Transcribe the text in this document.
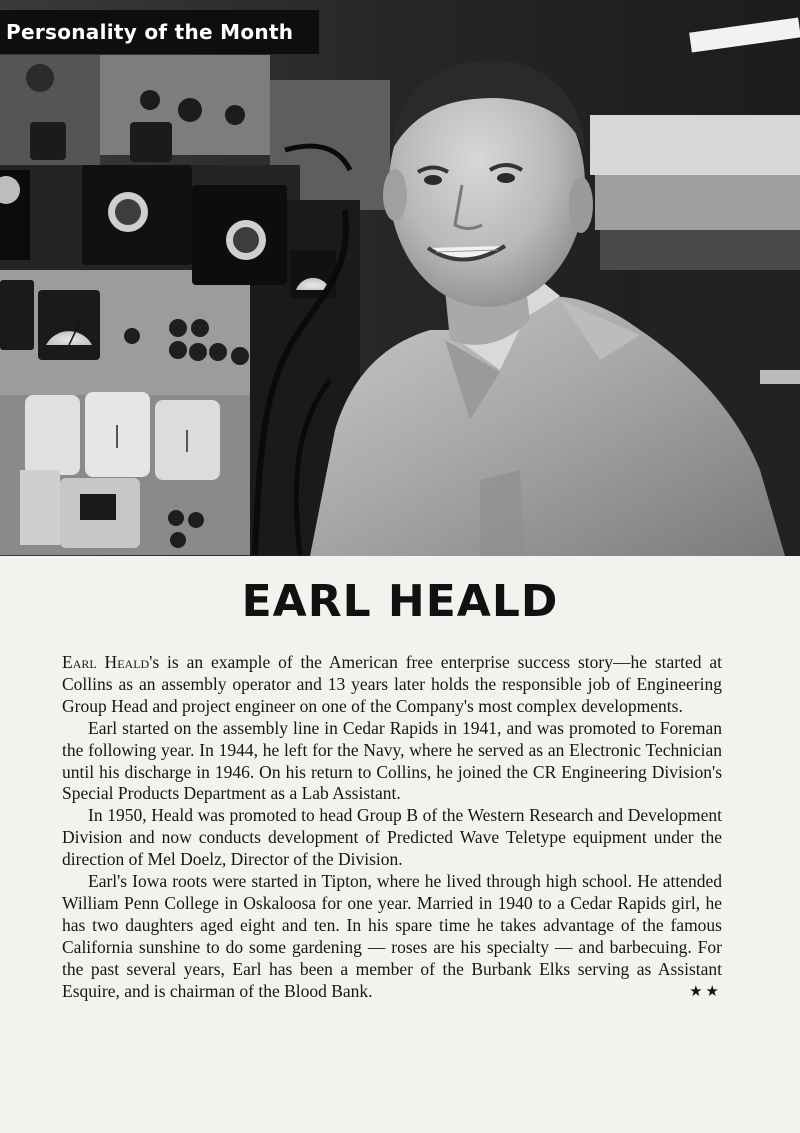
Personality of the Month
EARL HEALD

Earl Heald's is an example of the American free enterprise success story—he started at Collins as an assembly operator and 13 years later holds the responsible job of Engineering Group Head and project engineer on one of the Company's most complex developments.

Earl started on the assembly line in Cedar Rapids in 1941, and was promoted to Foreman the following year. In 1944, he left for the Navy, where he served as an Electronic Technician until his discharge in 1946. On his return to Collins, he joined the CR Engineering Division's Special Products Department as a Lab Assistant.

In 1950, Heald was promoted to head Group B of the Western Research and Development Division and now conducts development of Predicted Wave Teletype equipment under the direction of Mel Doelz, Director of the Division.

Earl's Iowa roots were started in Tipton, where he lived through high school. He attended William Penn College in Oskaloosa for one year. Married in 1940 to a Cedar Rapids girl, he has two daughters aged eight and ten. In his spare time he takes advantage of the famous California sunshine to do some gardening — roses are his specialty — and barbecuing. For the past several years, Earl has been a member of the Burbank Elks serving as Assistant Esquire, and is chairman of the Blood Bank.	★★
